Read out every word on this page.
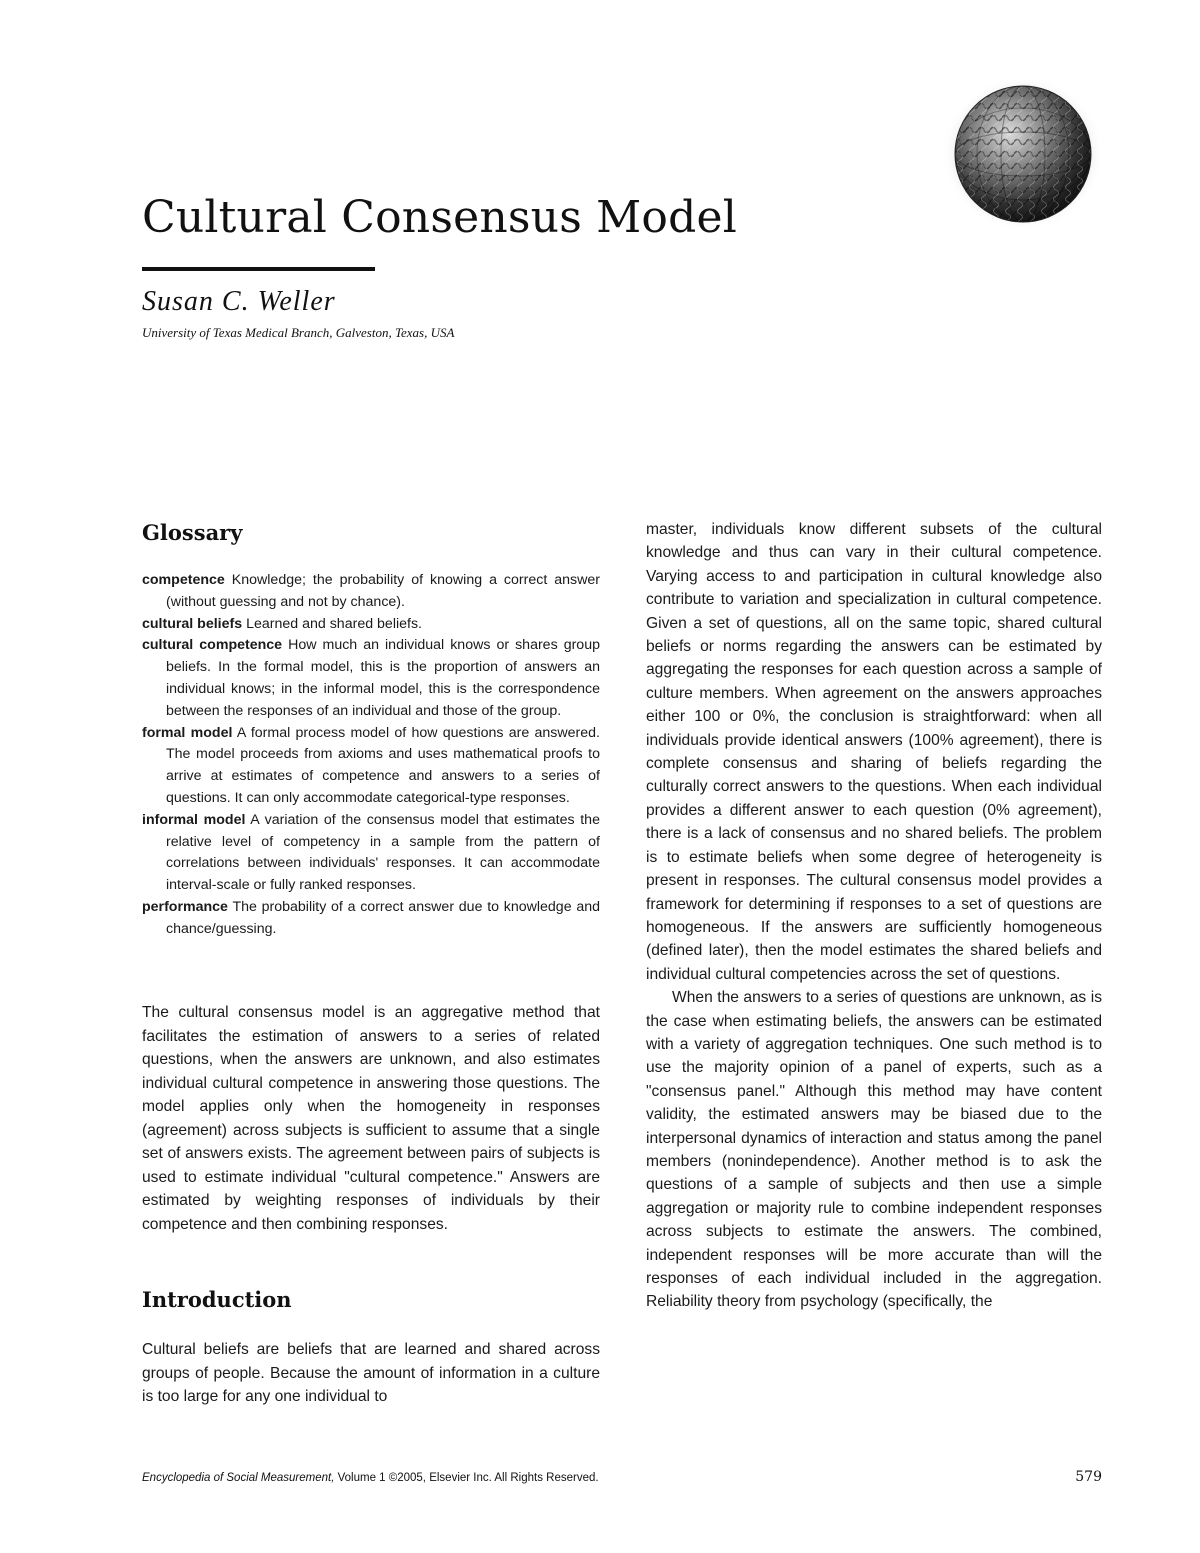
Cultural Consensus Model

Susan C. Weller

University of Texas Medical Branch, Galveston, Texas, USA

Glossary

competence Knowledge; the probability of knowing a correct answer (without guessing and not by chance).

cultural beliefs Learned and shared beliefs.

cultural competence How much an individual knows or shares group beliefs. In the formal model, this is the proportion of answers an individual knows; in the informal model, this is the correspondence between the responses of an individual and those of the group.

formal model A formal process model of how questions are answered. The model proceeds from axioms and uses mathematical proofs to arrive at estimates of competence and answers to a series of questions. It can only accommodate categorical-type responses.

informal model A variation of the consensus model that estimates the relative level of competency in a sample from the pattern of correlations between individuals' responses. It can accommodate interval-scale or fully ranked responses.

performance The probability of a correct answer due to knowledge and chance/guessing.

The cultural consensus model is an aggregative method that facilitates the estimation of answers to a series of related questions, when the answers are unknown, and also estimates individual cultural competence in answering those questions. The model applies only when the homogeneity in responses (agreement) across subjects is sufficient to assume that a single set of answers exists. The agreement between pairs of subjects is used to estimate individual "cultural competence." Answers are estimated by weighting responses of individuals by their competence and then combining responses.

Introduction

Cultural beliefs are beliefs that are learned and shared across groups of people. Because the amount of information in a culture is too large for any one individual to

master, individuals know different subsets of the cultural knowledge and thus can vary in their cultural competence. Varying access to and participation in cultural knowledge also contribute to variation and specialization in cultural competence. Given a set of questions, all on the same topic, shared cultural beliefs or norms regarding the answers can be estimated by aggregating the responses for each question across a sample of culture members. When agreement on the answers approaches either 100 or 0%, the conclusion is straightforward: when all individuals provide identical answers (100% agreement), there is complete consensus and sharing of beliefs regarding the culturally correct answers to the questions. When each individual provides a different answer to each question (0% agreement), there is a lack of consensus and no shared beliefs. The problem is to estimate beliefs when some degree of heterogeneity is present in responses. The cultural consensus model provides a framework for determining if responses to a set of questions are homogeneous. If the answers are sufficiently homogeneous (defined later), then the model estimates the shared beliefs and individual cultural competencies across the set of questions.

When the answers to a series of questions are unknown, as is the case when estimating beliefs, the answers can be estimated with a variety of aggregation techniques. One such method is to use the majority opinion of a panel of experts, such as a "consensus panel." Although this method may have content validity, the estimated answers may be biased due to the interpersonal dynamics of interaction and status among the panel members (nonindependence). Another method is to ask the questions of a sample of subjects and then use a simple aggregation or majority rule to combine independent responses across subjects to estimate the answers. The combined, independent responses will be more accurate than will the responses of each individual included in the aggregation. Reliability theory from psychology (specifically, the

Encyclopedia of Social Measurement, Volume 1 ©2005, Elsevier Inc. All Rights Reserved.	579
